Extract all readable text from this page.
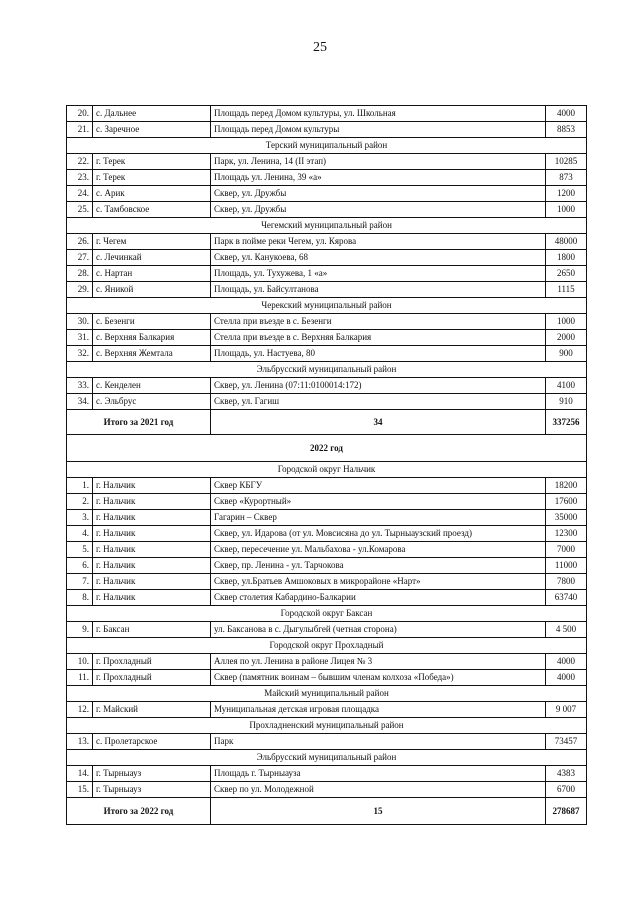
25
20.	с. Дальнее	Площадь перед Домом культуры, ул. Школьная	4000
21.	с. Заречное	Площадь перед Домом культуры	8853
Терский муниципальный район			
22.	г. Терек	Парк, ул. Ленина, 14 (II этап)	10285
23.	г. Терек	Площадь ул. Ленина, 39 «а»	873
24.	с. Арик	Сквер, ул. Дружбы	1200
25.	с. Тамбовское	Сквер, ул. Дружбы	1000
Чегемский муниципальный район			
26.	г. Чегем	Парк в пойме реки Чегем, ул. Кярова	48000
27.	с. Лечинкай	Сквер, ул. Канукоева, 68	1800
28.	с. Нартан	Площадь, ул. Тухужева, 1 «а»	2650
29.	с. Яникой	Площадь, ул. Байсултанова	1115
Черекский муниципальный район			
30.	с. Безенги	Стелла при въезде в с. Безенги	1000
31.	с. Верхняя Балкария	Стелла при въезде в с. Верхняя Балкария	2000
32.	с. Верхняя Жемтала	Площадь, ул. Настуева, 80	900
Эльбрусский муниципальный район			
33.	с. Кенделен	Сквер, ул. Ленина (07:11:0100014:172)	4100
34.	с. Эльбрус	Сквер, ул. Гагиш	910
Итого за 2021 год		34	337256
2022 год			
Городской округ Нальчик			
1.	г. Нальчик	Сквер КБГУ	18200
2.	г. Нальчик	Сквер «Курортный»	17600
3.	г. Нальчик	Гагарин – Сквер	35000
4.	г. Нальчик	Сквер, ул. Идарова (от ул. Мовсисяна до ул. Тырныаузский проезд)	12300
5.	г. Нальчик	Сквер, пересечение ул. Мальбахова - ул.Комарова	7000
6.	г. Нальчик	Сквер, пр. Ленина - ул. Тарчокова	11000
7.	г. Нальчик	Сквер, ул.Братьев Амшоковых в микрорайоне «Нарт»	7800
8.	г. Нальчик	Сквер столетия Кабардино-Балкарии	63740
Городской округ Баксан			
9.	г. Баксан	ул. Баксанова в с. Дыгулыбгей (четная сторона)	4 500
Городской округ Прохладный			
10.	г. Прохладный	Аллея по ул. Ленина в районе Лицея № 3	4000
11.	г. Прохладный	Сквер (памятник воинам – бывшим членам колхоза «Победа»)	4000
Майский муниципальный район			
12.	г. Майский	Муниципальная детская игровая площадка	9 007
Прохладненский муниципальный район			
13.	с. Пролетарское	Парк	73457
Эльбрусский муниципальный район			
14.	г. Тырныауз	Площадь г. Тырныауза	4383
15.	г. Тырныауз	Сквер по ул. Молодежной	6700
Итого за 2022 год		15	278687
